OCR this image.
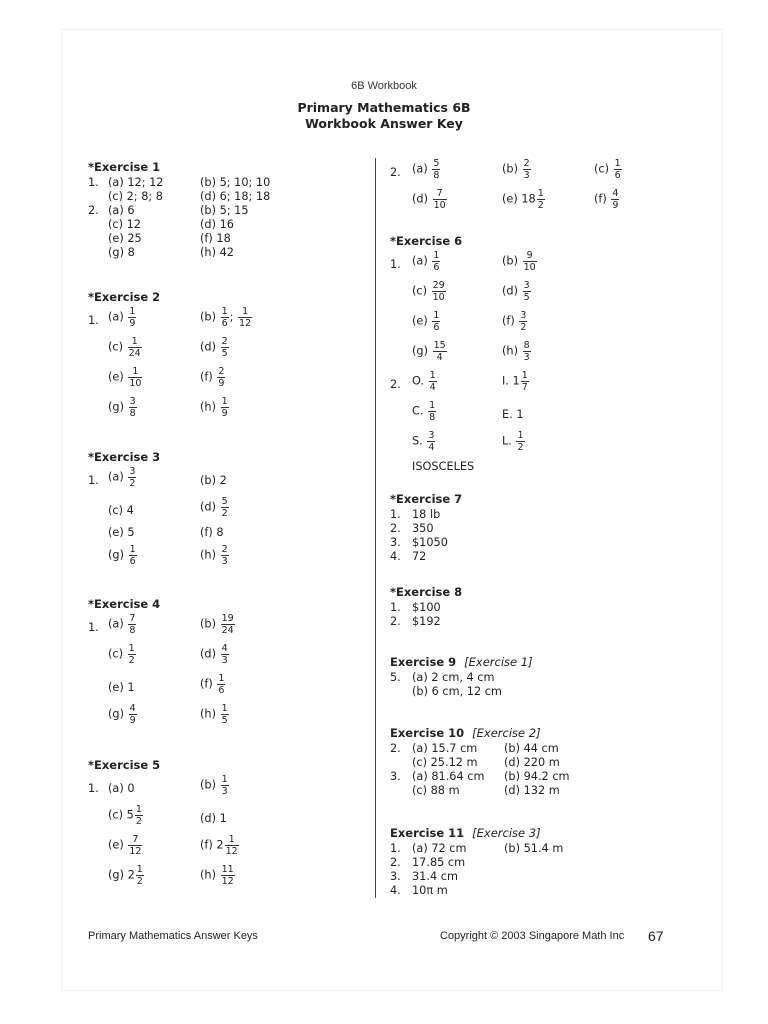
6B Workbook
Primary Mathematics 6B
Workbook Answer Key
*Exercise 1
1. (a) 12; 12	(b) 5; 10; 10
(c) 2; 8; 8	(d) 6; 18; 18
2. (a) 6	(b) 5; 15
(c) 12	(d) 16
(e) 25	(f) 18
(g) 8	(h) 42
*Exercise 2
1. $(a) \frac{1}{9}$	$(b) \frac{1}{6}$ ; $\frac{1}{12}$
$(c) \frac{1}{24}$	$(d) \frac{2}{5}$
$(e) \frac{1}{10}$	$(f) \frac{2}{9}$
$(g) \frac{3}{8}$	$(h) \frac{1}{9}$
*Exercise 3
1. $(a) \frac{3}{2}$	(b) 2
(c) 4	$(d) \frac{5}{2}$
(e) 5	(f) 8
$(g) \frac{1}{6}$	$(h) \frac{2}{3}$
*Exercise 4
1. $(a) \frac{7}{8}$	$(b) \frac{19}{24}$
$(c) \frac{1}{2}$	$(d) \frac{4}{3}$
(e) 1	$(f) \frac{1}{6}$
$(g) \frac{4}{9}$	$(h) \frac{1}{5}$
*Exercise 5
1. (a) 0	$(b) \frac{1}{3}$
(c) $5 \frac{1}{2}$	(d) 1
$(e) \frac{7}{12}$	(f) $2 \frac{1}{12}$
(g) $2 \frac{1}{2}$	$(h) \frac{11}{12}$
2. $(a) \frac{5}{8}$	$(b) \frac{2}{3}$	$(c) \frac{1}{6}$
$(d) \frac{7}{10}$	(e) $18 \frac{1}{2}$	$(f) \frac{4}{9}$
*Exercise 6
1. $(a) \frac{1}{6}$	$(b) \frac{9}{10}$
$(c) \frac{29}{10}$	$(d) \frac{3}{5}$
$(e) \frac{1}{6}$	$(f) \frac{3}{2}$
$(g) \frac{15}{4}$	$(h) \frac{8}{3}$
2. O. $\frac{1}{4}$	I. $1 \frac{1}{7}$
C. $\frac{1}{8}$	E. 1
S. $\frac{3}{4}$	L. $\frac{1}{2}$
ISOSCELES
*Exercise 7
1. 18 lb
2. 350
3. $1050
4. 72
*Exercise 8
1. $100
2. $192
Exercise 9 [Exercise 1]
5. (a) 2 cm, 4 cm
(b) 6 cm, 12 cm
Exercise 10 [Exercise 2]
2. (a) 15.7 cm (b) 44 cm
(c) 25.12 m (d) 220 m
3. (a) 81.64 cm (b) 94.2 cm
(c) 88 m	(d) 132 m
Exercise 11 [Exercise 3]
1. (a) 72 cm	(b) 51.4 m
2. 17.85 cm
3. 31.4 cm
4. 10π m
Primary Mathematics Answer Keys	Copyright © 2003 Singapore Math Inc 67
